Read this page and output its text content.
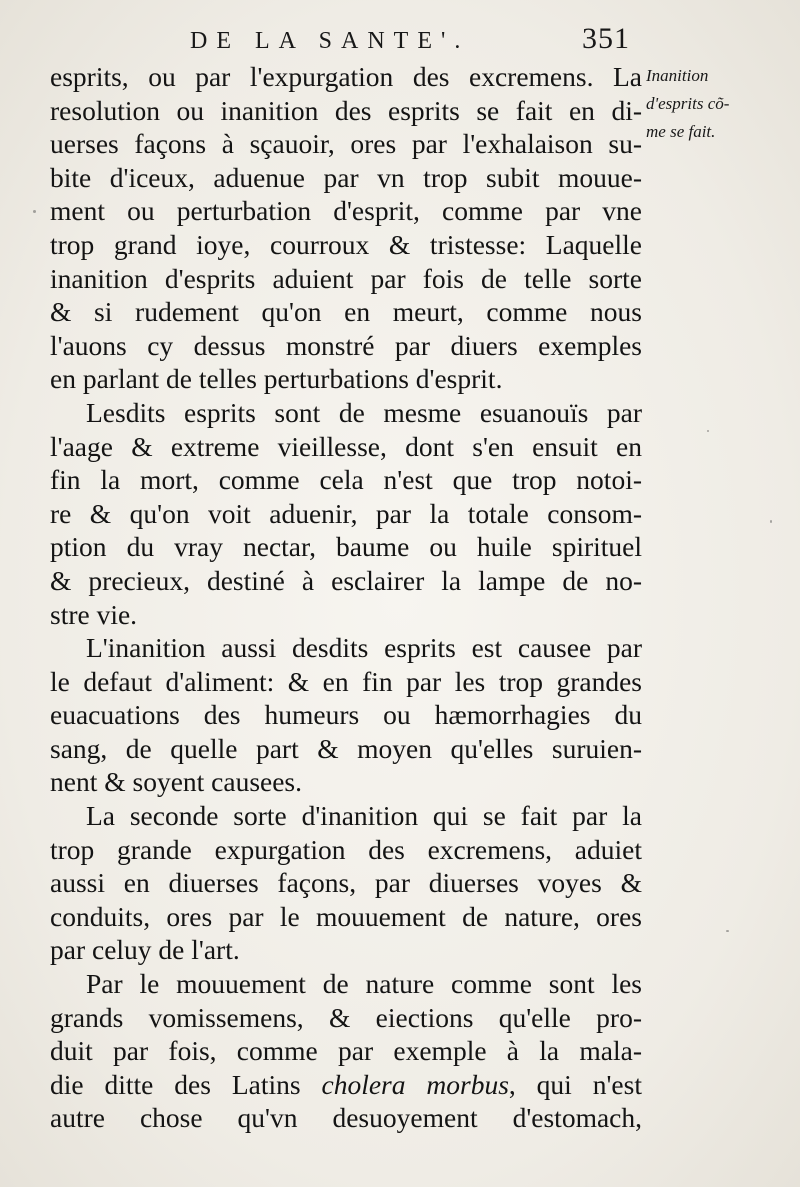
DE LA SANTE'.	351
Inanition
d'esprits cõ-
me se fait.
esprits, ou par l'expurgation des excremens. La
resolution ou inanition des esprits se fait en di-
uerses façons à sçauoir, ores par l'exhalaison su-
bite d'iceux, aduenue par vn trop subit mouue-
ment ou perturbation d'esprit, comme par vne
trop grand ioye, courroux & tristesse: Laquelle
inanition d'esprits aduient par fois de telle sorte
& si rudement qu'on en meurt, comme nous
l'auons cy dessus monstré par diuers exemples
en parlant de telles perturbations d'esprit.
Lesdits esprits sont de mesme esuanouïs par
l'aage & extreme vieillesse, dont s'en ensuit en
fin la mort, comme cela n'est que trop notoi-
re & qu'on voit aduenir, par la totale consom-
ption du vray nectar, baume ou huile spirituel
& precieux, destiné à esclairer la lampe de no-
stre vie.
L'inanition aussi desdits esprits est causee par
le defaut d'aliment: & en fin par les trop grandes
euacuations des humeurs ou hæmorrhagies du
sang, de quelle part & moyen qu'elles suruien-
nent & soyent causees.
La seconde sorte d'inanition qui se fait par la
trop grande expurgation des excremens, aduiet
aussi en diuerses façons, par diuerses voyes &
conduits, ores par le mouuement de nature, ores
par celuy de l'art.
Par le mouuement de nature comme sont les
grands vomissemens, & eiections qu'elle pro-
duit par fois, comme par exemple à la mala-
die ditte des Latins cholera morbus, qui n'est
autre chose qu'vn desuoyement d'estomach,
